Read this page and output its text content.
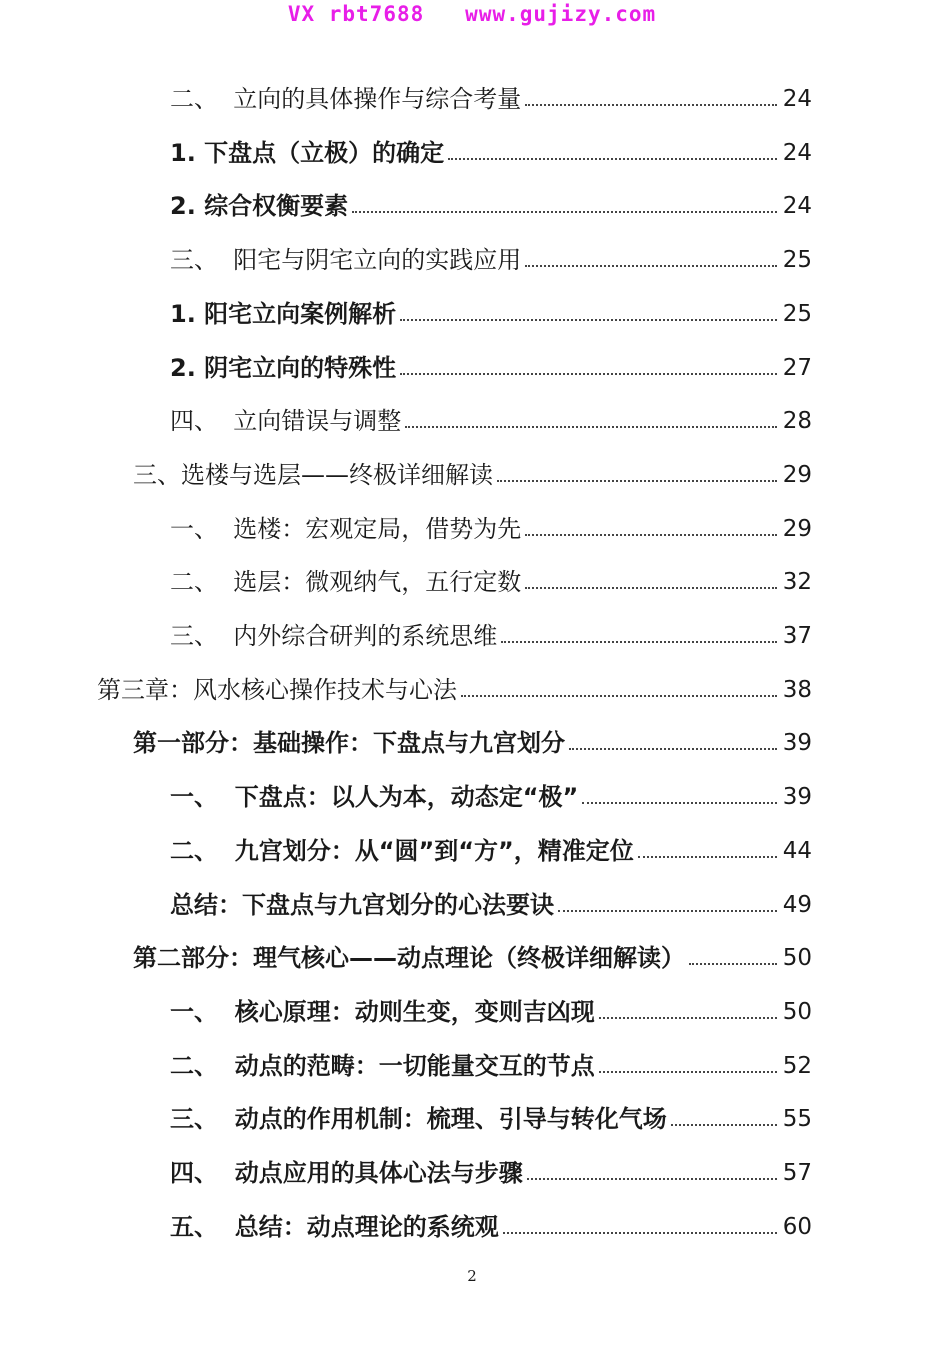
VX rbt7688   www.gujizy.com
二、 立向的具体操作与综合考量	24
1. 下盘点（立极）的确定	24
2. 综合权衡要素	24
三、 阳宅与阴宅立向的实践应用	25
1. 阳宅立向案例解析	25
2. 阴宅立向的特殊性	27
四、 立向错误与调整	28
三、 选楼与选层——终极详细解读	29
一、 选楼：宏观定局，借势为先	29
二、 选层：微观纳气，五行定数	32
三、 内外综合研判的系统思维	37
第三章：风水核心操作技术与心法	38
第一部分：基础操作：下盘点与九宫划分	39
一、 下盘点：以人为本，动态定“极”	39
二、 九宫划分：从“圆”到“方”，精准定位	44
总结：下盘点与九宫划分的心法要诀	49
第二部分：理气核心——动点理论（终极详细解读）	50
一、 核心原理：动则生变，变则吉凶现	50
二、 动点的范畴：一切能量交互的节点	52
三、 动点的作用机制：梳理、引导与转化气场	55
四、 动点应用的具体心法与步骤	57
五、 总结：动点理论的系统观	60
2
